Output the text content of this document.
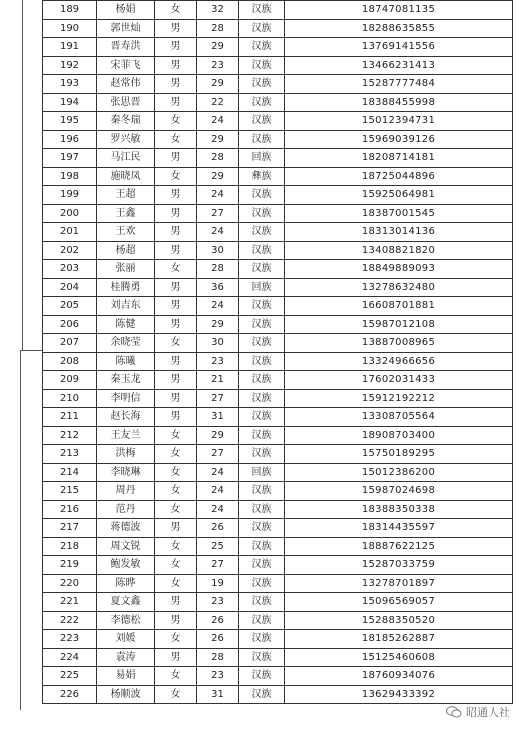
189	杨娟	女	32	汉族	18747081135
190	郭世灿	男	28	汉族	18288635855
191	晋寿洪	男	29	汉族	13769141556
192	宋菲飞	男	23	汉族	13466231413
193	赵常伟	男	29	汉族	15287777484
194	张思晋	男	22	汉族	18388455998
195	秦冬瑞	女	24	汉族	15012394731
196	罗兴敏	女	29	汉族	15969039126
197	马江民	男	28	回族	18208714181
198	施晓凤	女	29	彝族	18725044896
199	王超	男	24	汉族	15925064981
200	王鑫	男	27	汉族	18387001545
201	王欢	男	24	汉族	18313014136
202	杨超	男	30	汉族	13408821820
203	张丽	女	28	汉族	18849889093
204	桂腾勇	男	36	回族	13278632480
205	刘吉东	男	24	汉族	16608701881
206	陈健	男	29	汉族	15987012108
207	余晓莹	女	30	汉族	13887008965
208	陈曦	男	23	汉族	13324966656
209	秦玉龙	男	21	汉族	17602031433
210	李明信	男	27	汉族	15912192212
211	赵长海	男	31	汉族	13308705564
212	王友兰	女	29	汉族	18908703400
213	洪梅	女	27	汉族	15750189295
214	李晓琳	女	24	回族	15012386200
215	周丹	女	24	汉族	15987024698
216	范丹	女	24	汉族	18388350338
217	蒋德波	男	26	汉族	18314435597
218	周文锐	女	25	汉族	18887622125
219	鲍发敏	女	27	汉族	15287033759
220	陈晔	女	19	汉族	13278701897
221	夏文鑫	男	23	汉族	15096569057
222	李德松	男	26	汉族	15288350520
223	刘媛	女	26	汉族	18185262887
224	袁涛	男	28	汉族	15125460608
225	易娟	女	23	汉族	18760934076
226	杨顺波	女	31	汉族	13629433392
昭通人社
